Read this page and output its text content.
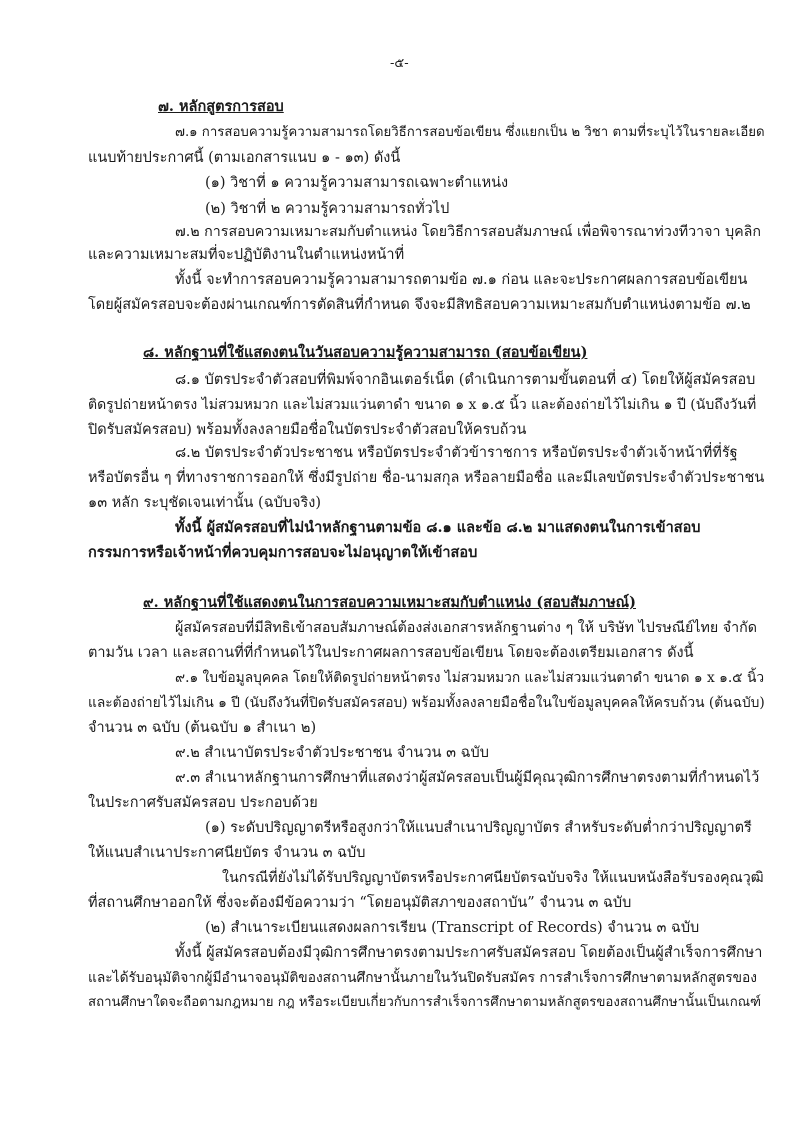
-๕-
๗. หลักสูตรการสอบ
๗.๑ การสอบความรู้ความสามารถโดยวิธีการสอบข้อเขียน ซึ่งแยกเป็น ๒ วิชา ตามที่ระบุไว้ในรายละเอียด
แนบท้ายประกาศนี้ (ตามเอกสารแนบ ๑ - ๑๓) ดังนี้
(๑) วิชาที่ ๑ ความรู้ความสามารถเฉพาะตำแหน่ง
(๒) วิชาที่ ๒ ความรู้ความสามารถทั่วไป
๗.๒ การสอบความเหมาะสมกับตำแหน่ง โดยวิธีการสอบสัมภาษณ์ เพื่อพิจารณาท่วงทีวาจา บุคลิก
และความเหมาะสมที่จะปฏิบัติงานในตำแหน่งหน้าที่
ทั้งนี้ จะทำการสอบความรู้ความสามารถตามข้อ ๗.๑ ก่อน และจะประกาศผลการสอบข้อเขียน
โดยผู้สมัครสอบจะต้องผ่านเกณฑ์การตัดสินที่กำหนด จึงจะมีสิทธิสอบความเหมาะสมกับตำแหน่งตามข้อ ๗.๒
๘. หลักฐานที่ใช้แสดงตนในวันสอบความรู้ความสามารถ (สอบข้อเขียน)
๘.๑ บัตรประจำตัวสอบที่พิมพ์จากอินเตอร์เน็ต (ดำเนินการตามขั้นตอนที่ ๔) โดยให้ผู้สมัครสอบ
ติดรูปถ่ายหน้าตรง ไม่สวมหมวก และไม่สวมแว่นตาดำ ขนาด ๑ x ๑.๕ นิ้ว และต้องถ่ายไว้ไม่เกิน ๑ ปี (นับถึงวันที่
ปิดรับสมัครสอบ) พร้อมทั้งลงลายมือชื่อในบัตรประจำตัวสอบให้ครบถ้วน
๘.๒ บัตรประจำตัวประชาชน หรือบัตรประจำตัวข้าราชการ หรือบัตรประจำตัวเจ้าหน้าที่ที่รัฐ
หรือบัตรอื่น ๆ ที่ทางราชการออกให้ ซึ่งมีรูปถ่าย ชื่อ-นามสกุล หรือลายมือชื่อ และมีเลขบัตรประจำตัวประชาชน
๑๓ หลัก ระบุชัดเจนเท่านั้น (ฉบับจริง)
ทั้งนี้ ผู้สมัครสอบที่ไม่นำหลักฐานตามข้อ ๘.๑ และข้อ ๘.๒ มาแสดงตนในการเข้าสอบ
กรรมการหรือเจ้าหน้าที่ควบคุมการสอบจะไม่อนุญาตให้เข้าสอบ
๙. หลักฐานที่ใช้แสดงตนในการสอบความเหมาะสมกับตำแหน่ง (สอบสัมภาษณ์)
ผู้สมัครสอบที่มีสิทธิเข้าสอบสัมภาษณ์ต้องส่งเอกสารหลักฐานต่าง ๆ ให้ บริษัท ไปรษณีย์ไทย จำกัด
ตามวัน เวลา และสถานที่ที่กำหนดไว้ในประกาศผลการสอบข้อเขียน โดยจะต้องเตรียมเอกสาร ดังนี้
๙.๑ ใบข้อมูลบุคคล โดยให้ติดรูปถ่ายหน้าตรง ไม่สวมหมวก และไม่สวมแว่นตาดำ ขนาด ๑ x ๑.๕ นิ้ว
และต้องถ่ายไว้ไม่เกิน ๑ ปี (นับถึงวันที่ปิดรับสมัครสอบ) พร้อมทั้งลงลายมือชื่อในใบข้อมูลบุคคลให้ครบถ้วน (ต้นฉบับ)
จำนวน ๓ ฉบับ (ต้นฉบับ ๑ สำเนา ๒)
๙.๒ สำเนาบัตรประจำตัวประชาชน จำนวน ๓ ฉบับ
๙.๓ สำเนาหลักฐานการศึกษาที่แสดงว่าผู้สมัครสอบเป็นผู้มีคุณวุฒิการศึกษาตรงตามที่กำหนดไว้
ในประกาศรับสมัครสอบ ประกอบด้วย
(๑) ระดับปริญญาตรีหรือสูงกว่าให้แนบสำเนาปริญญาบัตร สำหรับระดับต่ำกว่าปริญญาตรี
ให้แนบสำเนาประกาศนียบัตร จำนวน ๓ ฉบับ
ในกรณีที่ยังไม่ได้รับปริญญาบัตรหรือประกาศนียบัตรฉบับจริง ให้แนบหนังสือรับรองคุณวุฒิ
ที่สถานศึกษาออกให้ ซึ่งจะต้องมีข้อความว่า “โดยอนุมัติสภาของสถาบัน” จำนวน ๓ ฉบับ
(๒) สำเนาระเบียนแสดงผลการเรียน (Transcript of Records) จำนวน ๓ ฉบับ
ทั้งนี้ ผู้สมัครสอบต้องมีวุฒิการศึกษาตรงตามประกาศรับสมัครสอบ โดยต้องเป็นผู้สำเร็จการศึกษา
และได้รับอนุมัติจากผู้มีอำนาจอนุมัติของสถานศึกษานั้นภายในวันปิดรับสมัคร การสำเร็จการศึกษาตามหลักสูตรของ
สถานศึกษาใดจะถือตามกฎหมาย กฎ หรือระเบียบเกี่ยวกับการสำเร็จการศึกษาตามหลักสูตรของสถานศึกษานั้นเป็นเกณฑ์
